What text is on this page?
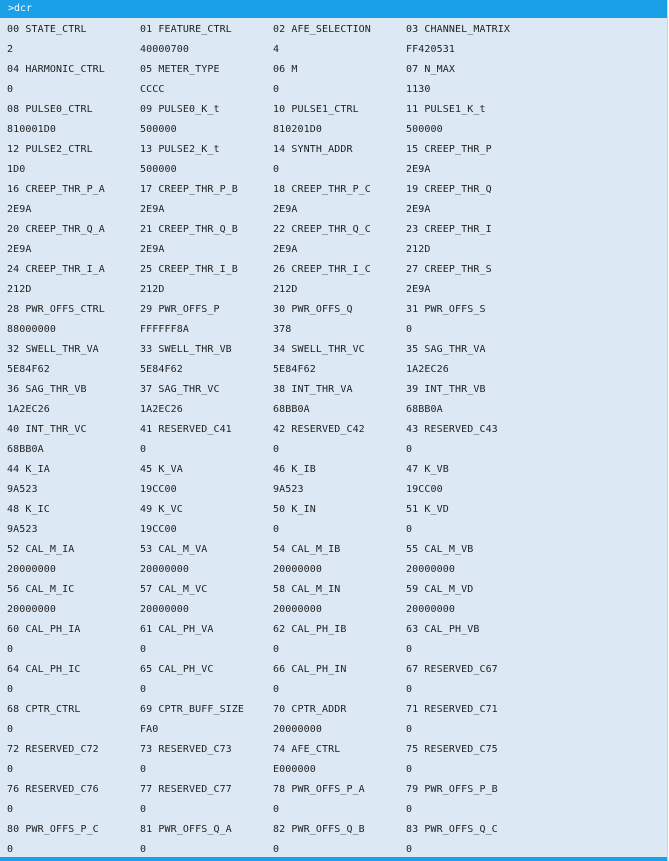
>dcr
00 STATE_CTRL	01 FEATURE_CTRL	02 AFE_SELECTION	03 CHANNEL_MATRIX
2	40000700	4	FF420531
04 HARMONIC_CTRL	05 METER_TYPE	06 M	07 N_MAX
0	CCCC	0	1130
08 PULSE0_CTRL	09 PULSE0_K_t	10 PULSE1_CTRL	11 PULSE1_K_t
810001D0	500000	810201D0	500000
12 PULSE2_CTRL	13 PULSE2_K_t	14 SYNTH_ADDR	15 CREEP_THR_P
1D0	500000	0	2E9A
16 CREEP_THR_P_A	17 CREEP_THR_P_B	18 CREEP_THR_P_C	19 CREEP_THR_Q
2E9A	2E9A	2E9A	2E9A
20 CREEP_THR_Q_A	21 CREEP_THR_Q_B	22 CREEP_THR_Q_C	23 CREEP_THR_I
2E9A	2E9A	2E9A	212D
24 CREEP_THR_I_A	25 CREEP_THR_I_B	26 CREEP_THR_I_C	27 CREEP_THR_S
212D	212D	212D	2E9A
28 PWR_OFFS_CTRL	29 PWR_OFFS_P	30 PWR_OFFS_Q	31 PWR_OFFS_S
88000000	FFFFFF8A	378	0
32 SWELL_THR_VA	33 SWELL_THR_VB	34 SWELL_THR_VC	35 SAG_THR_VA
5E84F62	5E84F62	5E84F62	1A2EC26
36 SAG_THR_VB	37 SAG_THR_VC	38 INT_THR_VA	39 INT_THR_VB
1A2EC26	1A2EC26	68BB0A	68BB0A
40 INT_THR_VC	41 RESERVED_C41	42 RESERVED_C42	43 RESERVED_C43
68BB0A	0	0	0
44 K_IA	45 K_VA	46 K_IB	47 K_VB
9A523	19CC00	9A523	19CC00
48 K_IC	49 K_VC	50 K_IN	51 K_VD
9A523	19CC00	0	0
52 CAL_M_IA	53 CAL_M_VA	54 CAL_M_IB	55 CAL_M_VB
20000000	20000000	20000000	20000000
56 CAL_M_IC	57 CAL_M_VC	58 CAL_M_IN	59 CAL_M_VD
20000000	20000000	20000000	20000000
60 CAL_PH_IA	61 CAL_PH_VA	62 CAL_PH_IB	63 CAL_PH_VB
0	0	0	0
64 CAL_PH_IC	65 CAL_PH_VC	66 CAL_PH_IN	67 RESERVED_C67
0	0	0	0
68 CPTR_CTRL	69 CPTR_BUFF_SIZE	70 CPTR_ADDR	71 RESERVED_C71
0	FA0	20000000	0
72 RESERVED_C72	73 RESERVED_C73	74 AFE_CTRL	75 RESERVED_C75
0	0	E000000	0
76 RESERVED_C76	77 RESERVED_C77	78 PWR_OFFS_P_A	79 PWR_OFFS_P_B
0	0	0	0
80 PWR_OFFS_P_C	81 PWR_OFFS_Q_A	82 PWR_OFFS_Q_B	83 PWR_OFFS_Q_C
0	0	0	0
